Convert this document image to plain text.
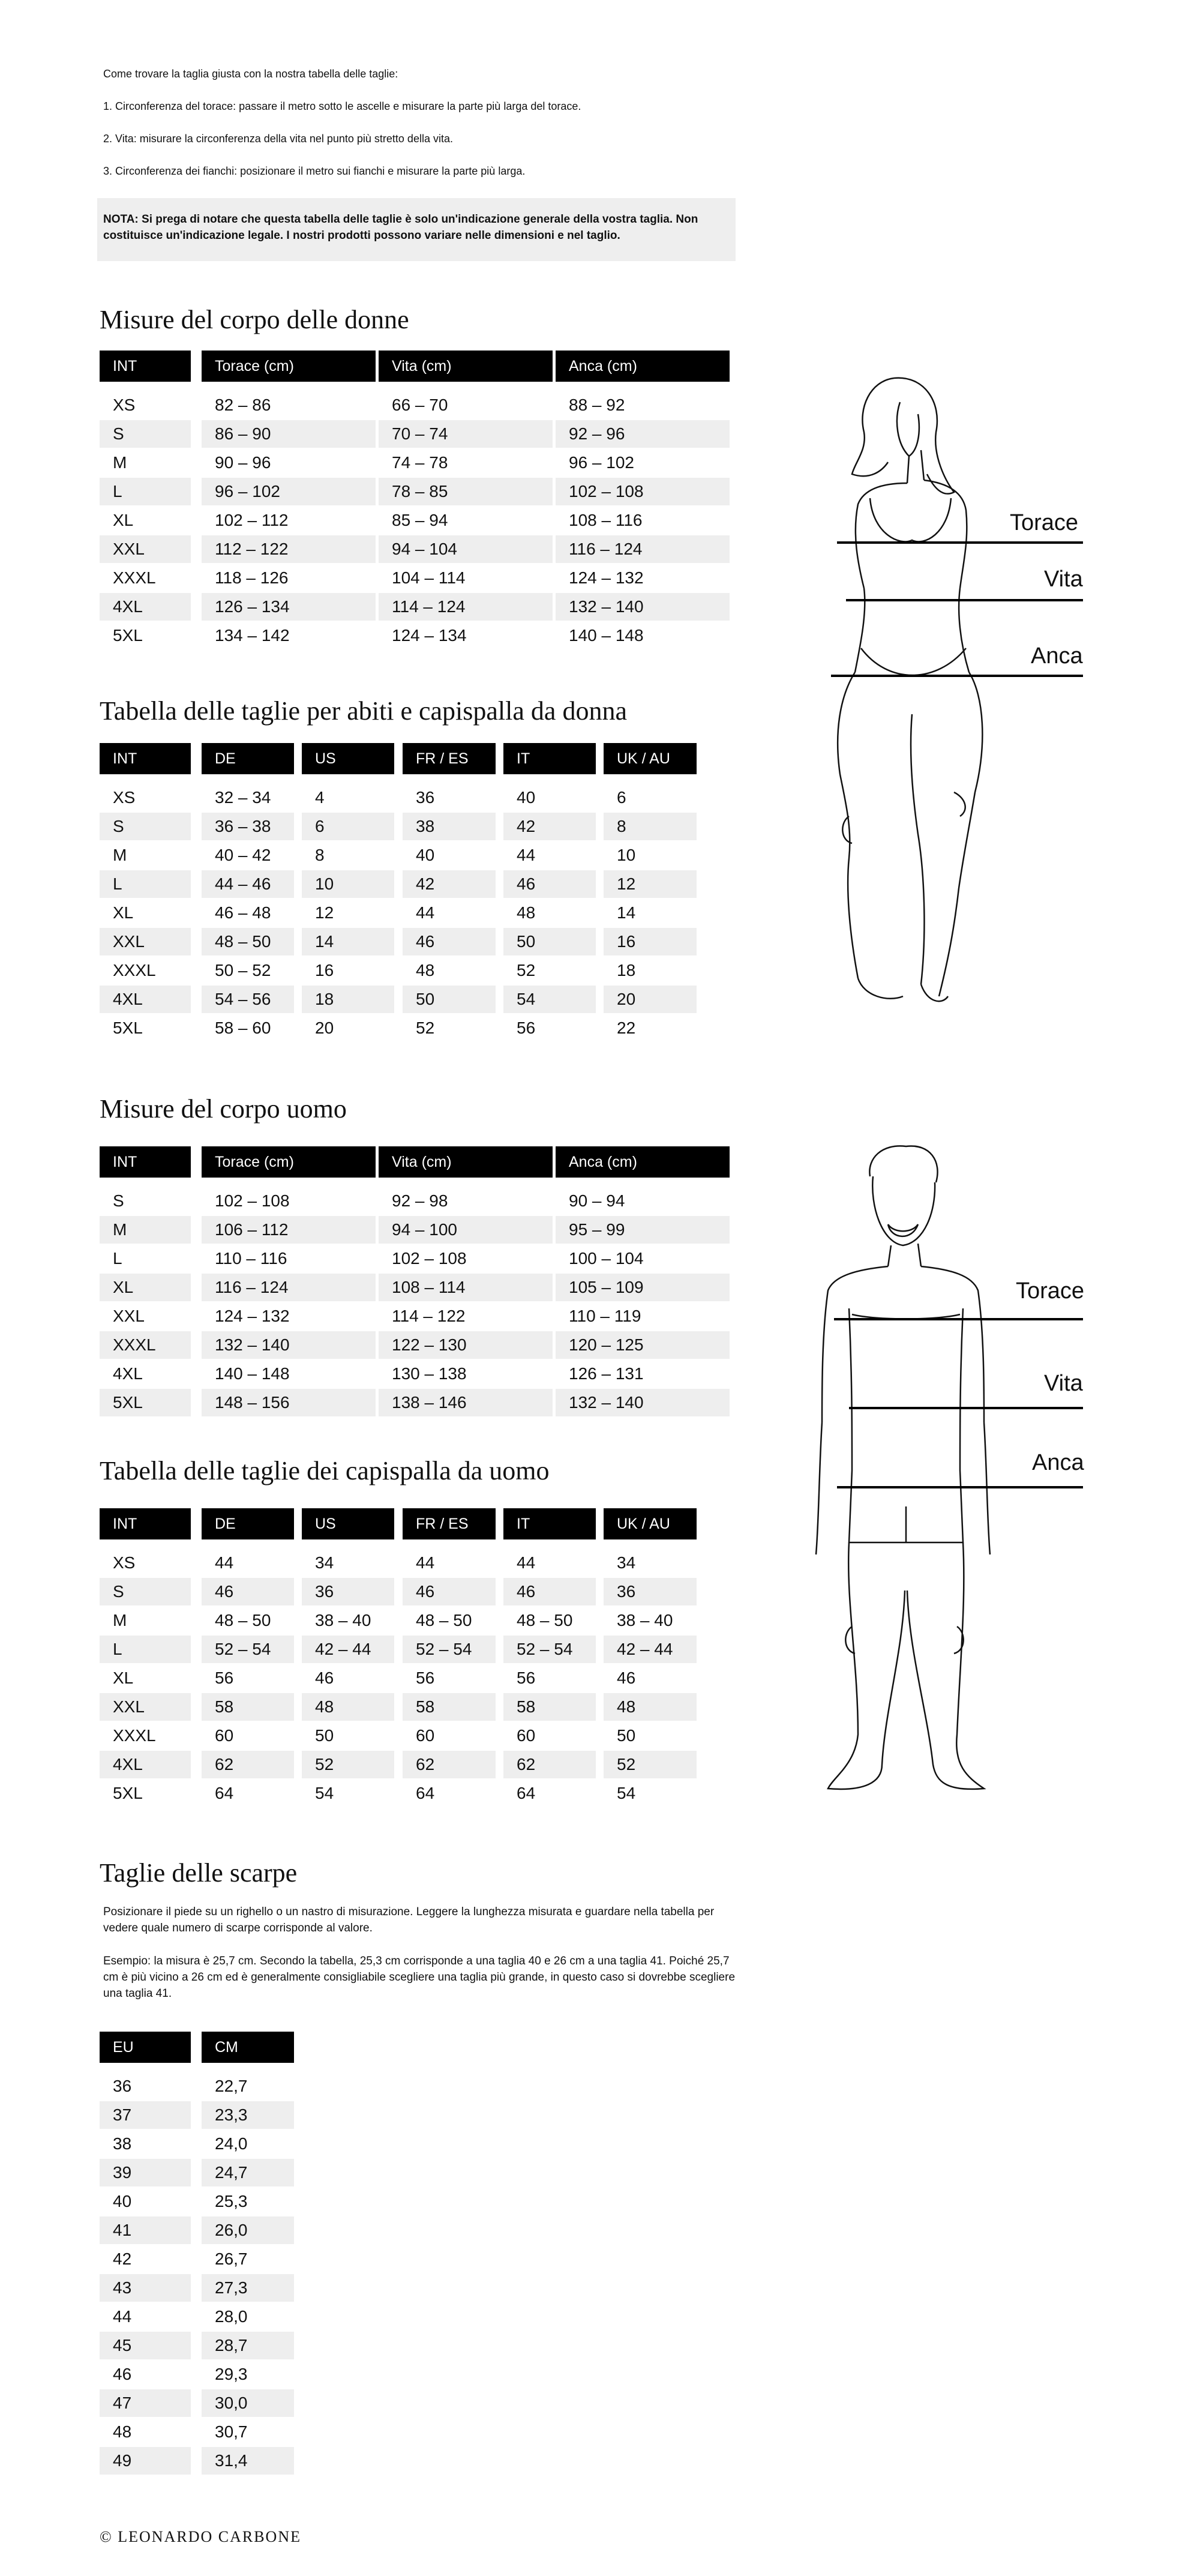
Come trovare la taglia giusta con la nostra tabella delle taglie:

1. Circonferenza del torace: passare il metro sotto le ascelle e misurare la parte più larga del torace.

2. Vita: misurare la circonferenza della vita nel punto più stretto della vita.

3. Circonferenza dei fianchi: posizionare il metro sui fianchi e misurare la parte più larga.

NOTA: Si prega di notare che questa tabella delle taglie è solo un'indicazione generale della vostra taglia. Non costituisce un'indicazione legale. I nostri prodotti possono variare nelle dimensioni e nel taglio.

Misure del corpo delle donne
Tabella delle taglie per abiti e capispalla da donna
Misure del corpo uomo
Tabella delle taglie dei capispalla da uomo
Taglie delle scarpe
INT
XS
S
M
L
XL
XXL
XXXL
4XL
5XL
Torace (cm)
82 – 86
86 – 90
90 – 96
96 – 102
102 – 112
112 – 122
118 – 126
126 – 134
134 – 142
Vita (cm)
66 – 70
70 – 74
74 – 78
78 – 85
85 – 94
94 – 104
104 – 114
114 – 124
124 – 134
Anca (cm)
88 – 92
92 – 96
96 – 102
102 – 108
108 – 116
116 – 124
124 – 132
132 – 140
140 – 148
INT
XS
S
M
L
XL
XXL
XXXL
4XL
5XL
DE
32 – 34
36 – 38
40 – 42
44 – 46
46 – 48
48 – 50
50 – 52
54 – 56
58 – 60
US
4
6
8
10
12
14
16
18
20
FR / ES
36
38
40
42
44
46
48
50
52
IT
40
42
44
46
48
50
52
54
56
UK / AU
6
8
10
12
14
16
18
20
22
INT
S
M
L
XL
XXL
XXXL
4XL
5XL
Torace (cm)
102 – 108
106 – 112
110 – 116
116 – 124
124 – 132
132 – 140
140 – 148
148 – 156
Vita (cm)
92 – 98
94 – 100
102 – 108
108 – 114
114 – 122
122 – 130
130 – 138
138 – 146
Anca (cm)
90 – 94
95 – 99
100 – 104
105 – 109
110 – 119
120 – 125
126 – 131
132 – 140
INT
XS
S
M
L
XL
XXL
XXXL
4XL
5XL
DE
44
46
48 – 50
52 – 54
56
58
60
62
64
US
34
36
38 – 40
42 – 44
46
48
50
52
54
FR / ES
44
46
48 – 50
52 – 54
56
58
60
62
64
IT
44
46
48 – 50
52 – 54
56
58
60
62
64
UK / AU
34
36
38 – 40
42 – 44
46
48
50
52
54
EU
36
37
38
39
40
41
42
43
44
45
46
47
48
49
CM
22,7
23,3
24,0
24,7
25,3
26,0
26,7
27,3
28,0
28,7
29,3
30,0
30,7
31,4

Posizionare il piede su un righello o un nastro di misurazione. Leggere la lunghezza misurata e guardare nella tabella per vedere quale numero di scarpe corrisponde al valore.

Esempio: la misura è 25,7 cm. Secondo la tabella, 25,3 cm corrisponde a una taglia 40 e 26 cm a una taglia 41. Poiché 25,7 cm è più vicino a 26 cm ed è generalmente consigliabile scegliere una taglia più grande, in questo caso si dovrebbe scegliere una taglia 41.

Torace
Vita
Anca
Torace
Vita
Anca
© LEONARDO CARBONE
